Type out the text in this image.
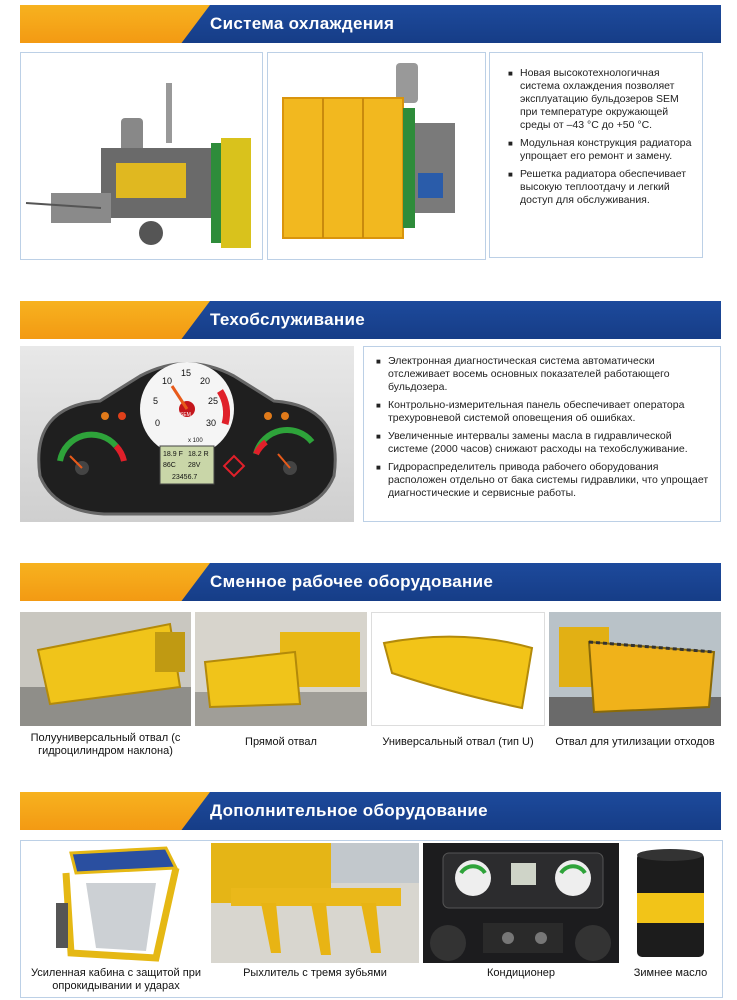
Система охлаждения

■ Новая высокотехнологичная система охлаждения позволяет эксплуатацию бульдозеров SEM при температуре окружающей среды от –43 °С до +50 °С.

■ Модульная конструкция радиатора упрощает его ремонт и замену.

■ Решетка радиатора обеспечивает высокую теплоотдачу и легкий доступ для обслуживания.

Техобслуживание
0
5
10
15
20
25
30
x 100
18.9 F 18.2 R
86C 28V
23456.7
SEM

■ Электронная диагностическая система автоматически отслеживает восемь основных показателей работающего бульдозера.

■ Контрольно-измерительная панель обеспечивает оператора трехуровневой системой оповещения об ошибках.

■ Увеличенные интервалы замены масла в гидравлической системе (2000 часов) снижают расходы на техобслуживание.

■ Гидрораспределитель привода рабочего оборудования расположен отдельно от бака системы гидравлики, что упрощает диагностические и сервисные работы.

Сменное рабочее оборудование
Полууниверсальный отвал (с гидроцилиндром наклона)
Прямой отвал	Универсальный отвал (тип U)	Отвал для утилизации отходов
Дополнительное оборудование
Усиленная кабина с защитой при опрокидывании и ударах
Рыхлитель с тремя зубьями	Кондиционер	Зимнее масло
